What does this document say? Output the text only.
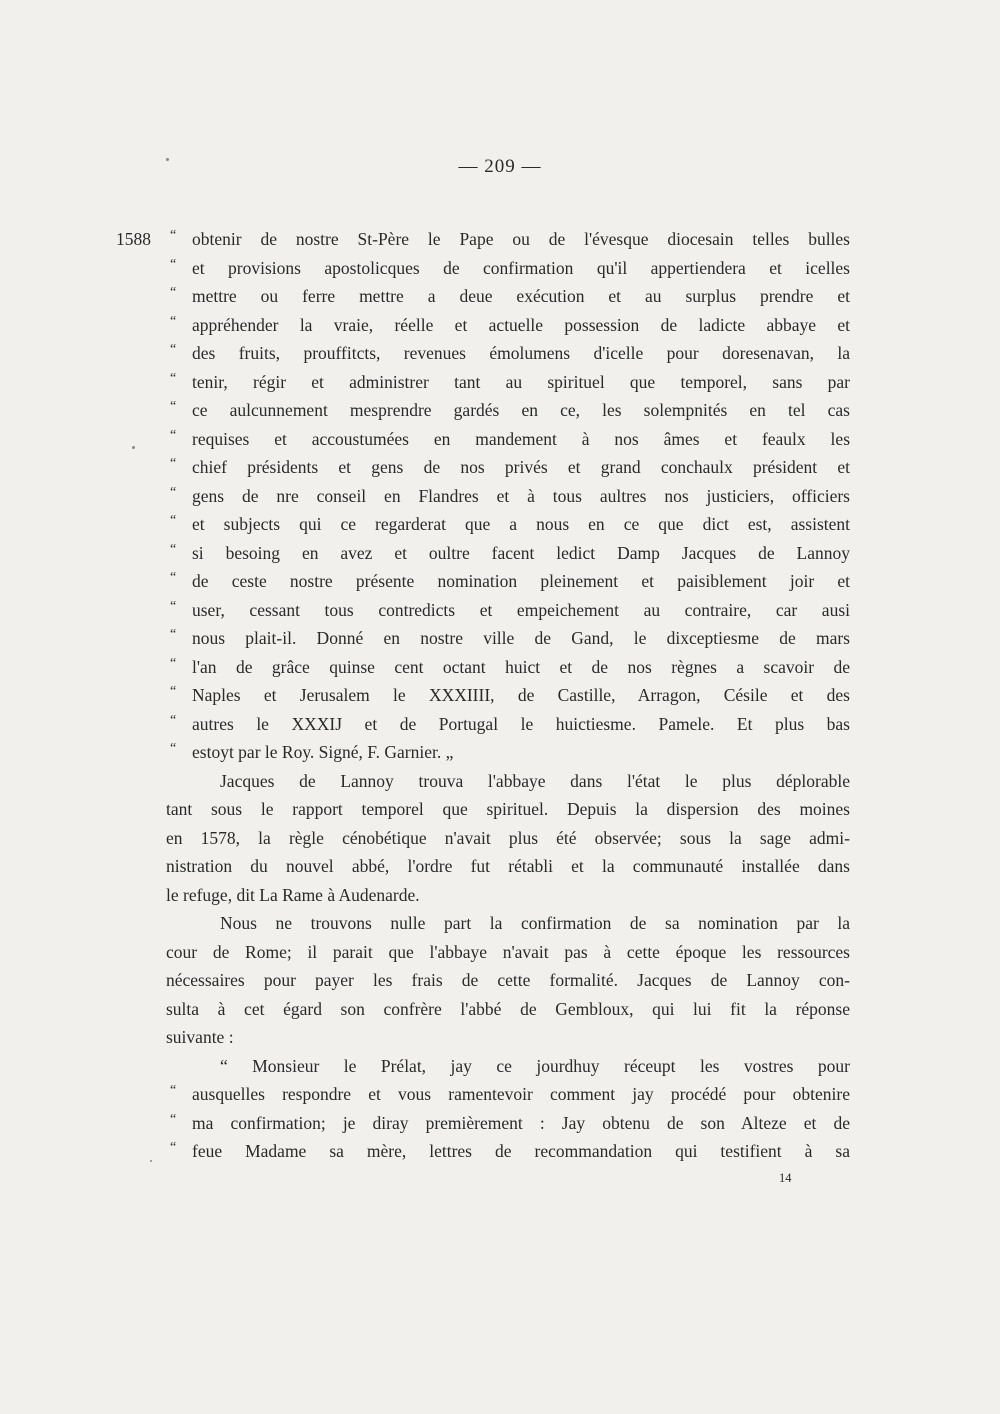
— 209 —
1588
“	obtenir de nostre St-Père le Pape ou de l'évesque diocesain telles bulles
“ et provisions apostolicques de confirmation qu'il appertiendera et icelles
“ mettre ou ferre mettre a deue exécution et au surplus prendre et
“ appréhender la vraie, réelle et actuelle possession de ladicte abbaye et
“ des fruits, prouffitcts, revenues émolumens d'icelle pour doresenavan, la
“ tenir, régir et administrer tant au spirituel que temporel, sans par
“ ce aulcunnement mesprendre gardés en ce, les solempnités en tel cas
“ requises et accoustumées en mandement à nos âmes et feaulx les
“ chief présidents et gens de nos privés et grand conchaulx président et
“ gens de nre conseil en Flandres et à tous aultres nos justiciers, officiers
“ et subjects qui ce regarderat que a nous en ce que dict est, assistent
“ si besoing en avez et oultre facent ledict Damp Jacques de Lannoy
“ de ceste nostre présente nomination pleinement et paisiblement joir et
“ user, cessant tous contredicts et empeichement au contraire, car ausi
“ nous plait-il. Donné en nostre ville de Gand, le dixceptiesme de mars
“ l'an de grâce quinse cent octant huict et de nos règnes a scavoir de
“ Naples et Jerusalem le XXXIIII, de Castille, Arragon, Césile et des
“ autres le XXXIJ et de Portugal le huictiesme. Pamele. Et plus bas
“ estoyt par le Roy. Signé, F. Garnier. „
Jacques de Lannoy trouva l'abbaye dans l'état le plus déplorable
tant sous le rapport temporel que spirituel. Depuis la dispersion des moines
en 1578, la règle cénobétique n'avait plus été observée; sous la sage admi-
nistration du nouvel abbé, l'ordre fut rétabli et la communauté installée dans
le refuge, dit La Rame à Audenarde.
Nous ne trouvons nulle part la confirmation de sa nomination par la
cour de Rome; il parait que l'abbaye n'avait pas à cette époque les ressources
nécessaires pour payer les frais de cette formalité. Jacques de Lannoy con-
sulta à cet égard son confrère l'abbé de Gembloux, qui lui fit la réponse
suivante :
“ Monsieur le Prélat, jay ce jourdhuy réceupt les vostres pour
“ ausquelles respondre et vous ramentevoir comment jay procédé pour obtenire
“ ma confirmation; je diray premièrement : Jay obtenu de son Alteze et de
“ feue Madame sa mère, lettres de recommandation qui testifient à sa
14
